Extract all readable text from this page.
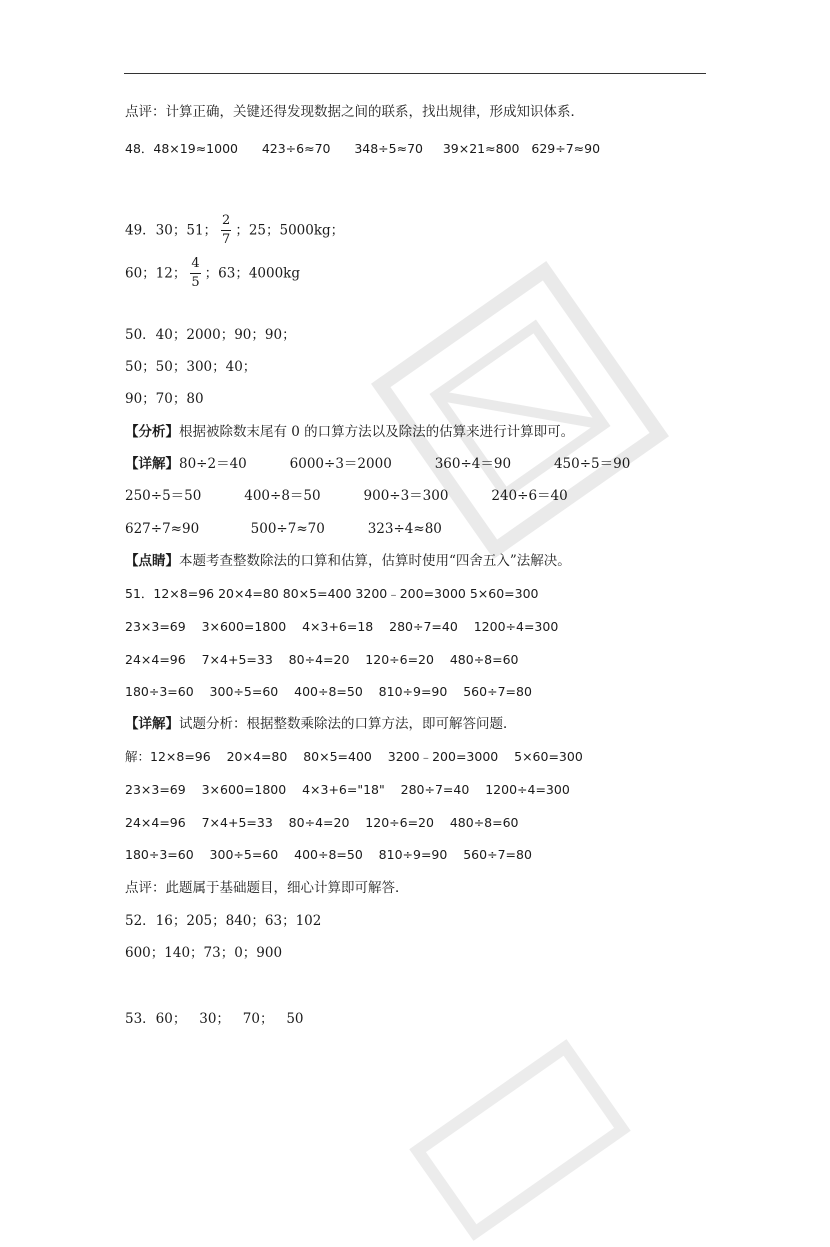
点评：计算正确，关键还得发现数据之间的联系，找出规律，形成知识体系．
48．48×19≈1000      423÷6≈70      348÷5≈70     39×21≈800   629÷7≈90
49．30；51； $\frac{2}{7}$ ；25；5000kg；
60；12； $\frac{4}{5}$ ；63；4000kg
50．40；2000；90；90；
50；50；300；40；
90；70；80
【分析】根据被除数末尾有 0 的口算方法以及除法的估算来进行计算即可。
【详解】80÷2＝40          6000÷3＝2000          360÷4＝90          450÷5＝90
250÷5＝50          400÷8＝50          900÷3＝300          240÷6＝40
627÷7≈90            500÷7≈70          323÷4≈80
【点睛】本题考查整数除法的口算和估算，估算时使用“四舍五入”法解决。
51．12×8=96 20×4=80 80×5=400 3200﹣200=3000 5×60=300
23×3=69    3×600=1800    4×3+6=18    280÷7=40    1200÷4=300
24×4=96    7×4+5=33    80÷4=20    120÷6=20    480÷8=60
180÷3=60    300÷5=60    400÷8=50    810÷9=90    560÷7=80
【详解】试题分析：根据整数乘除法的口算方法，即可解答问题．
解：12×8=96    20×4=80    80×5=400    3200﹣200=3000    5×60=300
23×3=69    3×600=1800    4×3+6="18"    280÷7=40    1200÷4=300
24×4=96    7×4+5=33    80÷4=20    120÷6=20    480÷8=60
180÷3=60    300÷5=60    400÷8=50    810÷9=90    560÷7=80
点评：此题属于基础题目，细心计算即可解答．
52．16；205；840；63；102
600；140；73；0；900
53．60；   30；   70；   50
